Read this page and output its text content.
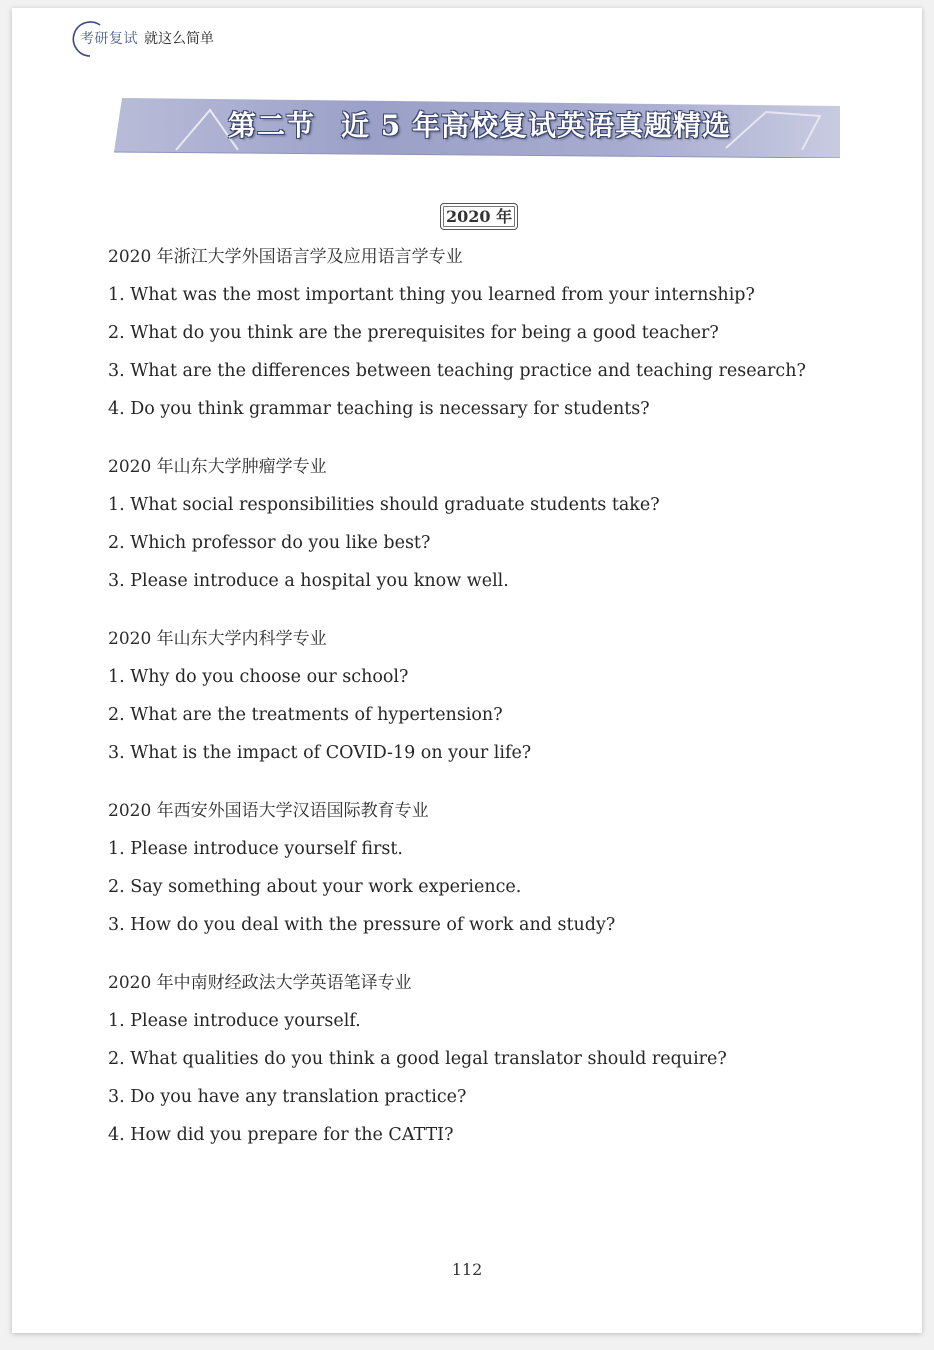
考研复试 就这么简单
第二节 近 5 年高校复试英语真题精选
2020 年
2020 年浙江大学外国语言学及应用语言学专业
1. What was the most important thing you learned from your internship?
2. What do you think are the prerequisites for being a good teacher?
3. What are the differences between teaching practice and teaching research?
4. Do you think grammar teaching is necessary for students?
2020 年山东大学肿瘤学专业
1. What social responsibilities should graduate students take?
2. Which professor do you like best?
3. Please introduce a hospital you know well.
2020 年山东大学内科学专业
1. Why do you choose our school?
2. What are the treatments of hypertension?
3. What is the impact of COVID-19 on your life?
2020 年西安外国语大学汉语国际教育专业
1. Please introduce yourself first.
2. Say something about your work experience.
3. How do you deal with the pressure of work and study?
2020 年中南财经政法大学英语笔译专业
1. Please introduce yourself.
2. What qualities do you think a good legal translator should require?
3. Do you have any translation practice?
4. How did you prepare for the CATTI?
112
